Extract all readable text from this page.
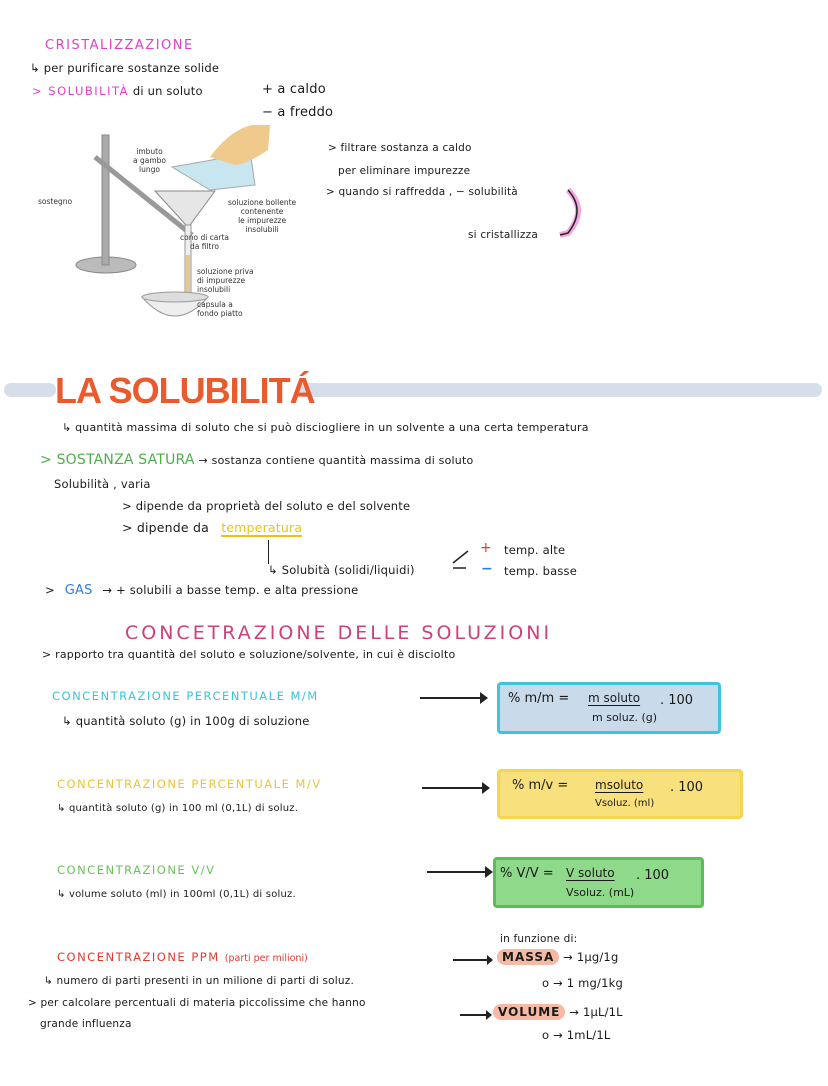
CRISTALIZZAZIONE
↳ per purificare sostanze solide
> SOLUBILITÀ di un soluto	+ a caldo
− a freddo
imbuto
a gambo
lungo
sostegno	soluzione bollente
contenente
le impurezze
insolubili
cono di carta
da filtro
soluzione priva
di impurezze
insolubili
capsula a
fondo piatto
> filtrare sostanza a caldo
per eliminare impurezze
> quando si raffredda , − solubilità
si cristallizza
LA SOLUBILITÁ
↳ quantità massima di soluto che si può disciogliere in un solvente a una certa temperatura
> SOSTANZA SATURA → sostanza contiene quantità massima di soluto
Solubilità , varia
> dipende da proprietà del soluto e del solvente
> dipende da temperatura
↳ Solubità (solidi/liquidi)
+ temp. alte
− temp. basse
> GAS → + solubili a basse temp. e alta pressione
CONCETRAZIONE DELLE SOLUZIONI
> rapporto tra quantità del soluto e soluzione/solvente, in cui è disciolto
CONCENTRAZIONE PERCENTUALE M/M
↳ quantità soluto (g) in 100g di soluzione
% m/m = m soluto
m soluz. (g)
. 100
CONCENTRAZIONE PERCENTUALE M/V
↳ quantità soluto (g) in 100 ml (0,1L) di soluz.
% m/v = msoluto
Vsoluz. (ml)
. 100
CONCENTRAZIONE V/V
↳ volume soluto (ml) in 100ml (0,1L) di soluz.
% V/V = V soluto
Vsoluz. (mL)
. 100
CONCENTRAZIONE PPM (parti per milioni)
↳ numero di parti presenti in un milione di parti di soluz.
> per calcolare percentuali di materia piccolissime che hanno
grande influenza
in funzione di:
MASSA → 1µg/1g
o → 1 mg/1kg
VOLUME → 1µL/1L
o → 1mL/1L
